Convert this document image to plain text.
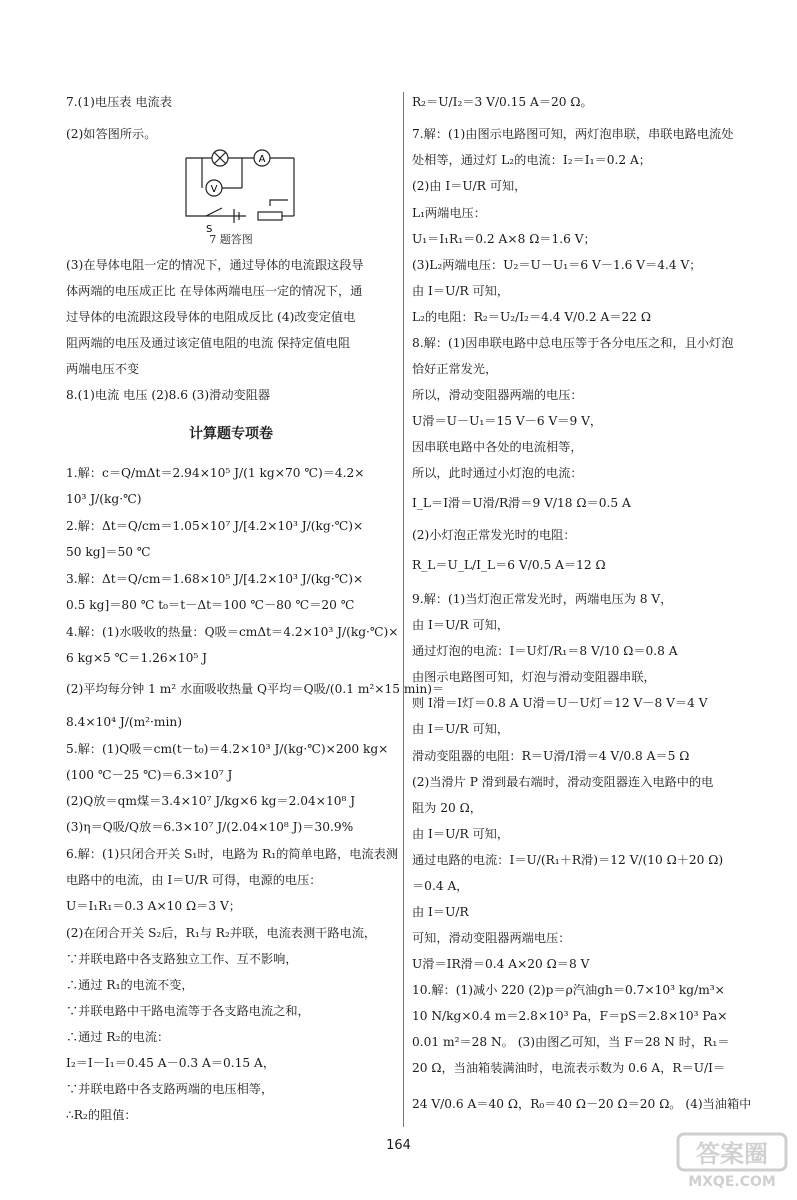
7.(1)电压表 电流表
(2)如答图所示。
A
V
S
7 题答图
(3)在导体电阻一定的情况下，通过导体的电流跟这段导
体两端的电压成正比 在导体两端电压一定的情况下，通
过导体的电流跟这段导体的电阻成反比 (4)改变定值电
阻两端的电压及通过该定值电阻的电流 保持定值电阻
两端电压不变
8.(1)电流 电压 (2)8.6 (3)滑动变阻器
计算题专项卷
1.解：c＝Q/mΔt＝2.94×10⁵ J/(1 kg×70 ℃)＝4.2×
10³ J/(kg·℃)
2.解：Δt＝Q/cm＝1.05×10⁷ J/[4.2×10³ J/(kg·℃)×
50 kg]＝50 ℃
3.解：Δt＝Q/cm＝1.68×10⁵ J/[4.2×10³ J/(kg·℃)×
0.5 kg]＝80 ℃ t₀＝t－Δt＝100 ℃－80 ℃＝20 ℃
4.解：(1)水吸收的热量：Q吸＝cmΔt＝4.2×10³ J/(kg·℃)×
6 kg×5 ℃＝1.26×10⁵ J
(2)平均每分钟 1 m² 水面吸收热量 Q平均＝Q吸/(0.1 m²×15 min)＝
8.4×10⁴ J/(m²·min)
5.解：(1)Q吸＝cm(t－t₀)＝4.2×10³ J/(kg·℃)×200 kg×
(100 ℃－25 ℃)＝6.3×10⁷ J
(2)Q放＝qm煤＝3.4×10⁷ J/kg×6 kg＝2.04×10⁸ J
(3)η＝Q吸/Q放＝6.3×10⁷ J/(2.04×10⁸ J)＝30.9%
6.解：(1)只闭合开关 S₁时，电路为 R₁的简单电路，电流表测
电路中的电流，由 I＝U/R 可得，电源的电压：
U＝I₁R₁＝0.3 A×10 Ω＝3 V；
(2)在闭合开关 S₂后，R₁与 R₂并联，电流表测干路电流，
∵并联电路中各支路独立工作、互不影响，
∴通过 R₁的电流不变，
∵并联电路中干路电流等于各支路电流之和，
∴通过 R₂的电流：
I₂＝I－I₁＝0.45 A－0.3 A＝0.15 A，
∵并联电路中各支路两端的电压相等，
∴R₂的阻值：
R₂＝U/I₂＝3 V/0.15 A＝20 Ω。
7.解：(1)由图示电路图可知，两灯泡串联，串联电路电流处
处相等，通过灯 L₂的电流：I₂＝I₁＝0.2 A；
(2)由 I＝U/R 可知，
L₁两端电压：
U₁＝I₁R₁＝0.2 A×8 Ω＝1.6 V；
(3)L₂两端电压：U₂＝U－U₁＝6 V－1.6 V＝4.4 V；
由 I＝U/R 可知，
L₂的电阻：R₂＝U₂/I₂＝4.4 V/0.2 A＝22 Ω
8.解：(1)因串联电路中总电压等于各分电压之和，且小灯泡
恰好正常发光，
所以，滑动变阻器两端的电压：
U滑＝U－U₁＝15 V－6 V＝9 V，
因串联电路中各处的电流相等，
所以，此时通过小灯泡的电流：
I_L＝I滑＝U滑/R滑＝9 V/18 Ω＝0.5 A
(2)小灯泡正常发光时的电阻：
R_L＝U_L/I_L＝6 V/0.5 A＝12 Ω
9.解：(1)当灯泡正常发光时，两端电压为 8 V，
由 I＝U/R 可知，
通过灯泡的电流：I＝U灯/R₁＝8 V/10 Ω＝0.8 A
由图示电路图可知，灯泡与滑动变阻器串联，
则 I滑＝I灯＝0.8 A U滑＝U－U灯＝12 V－8 V＝4 V
由 I＝U/R 可知，
滑动变阻器的电阻：R＝U滑/I滑＝4 V/0.8 A＝5 Ω
(2)当滑片 P 滑到最右端时，滑动变阻器连入电路中的电
阻为 20 Ω，
由 I＝U/R 可知，
通过电路的电流：I＝U/(R₁＋R滑)＝12 V/(10 Ω＋20 Ω)
＝0.4 A，
由 I＝U/R
可知，滑动变阻器两端电压：
U滑＝IR滑＝0.4 A×20 Ω＝8 V
10.解：(1)减小 220 (2)p＝ρ汽油gh＝0.7×10³ kg/m³×
10 N/kg×0.4 m＝2.8×10³ Pa，F＝pS＝2.8×10³ Pa×
0.01 m²＝28 N。 (3)由图乙可知，当 F＝28 N 时，R₁＝
20 Ω，当油箱装满油时，电流表示数为 0.6 A，R＝U/I＝
24 V/0.6 A＝40 Ω，R₀＝40 Ω－20 Ω＝20 Ω。 (4)当油箱中
164	答案圈
MXQE.COM
